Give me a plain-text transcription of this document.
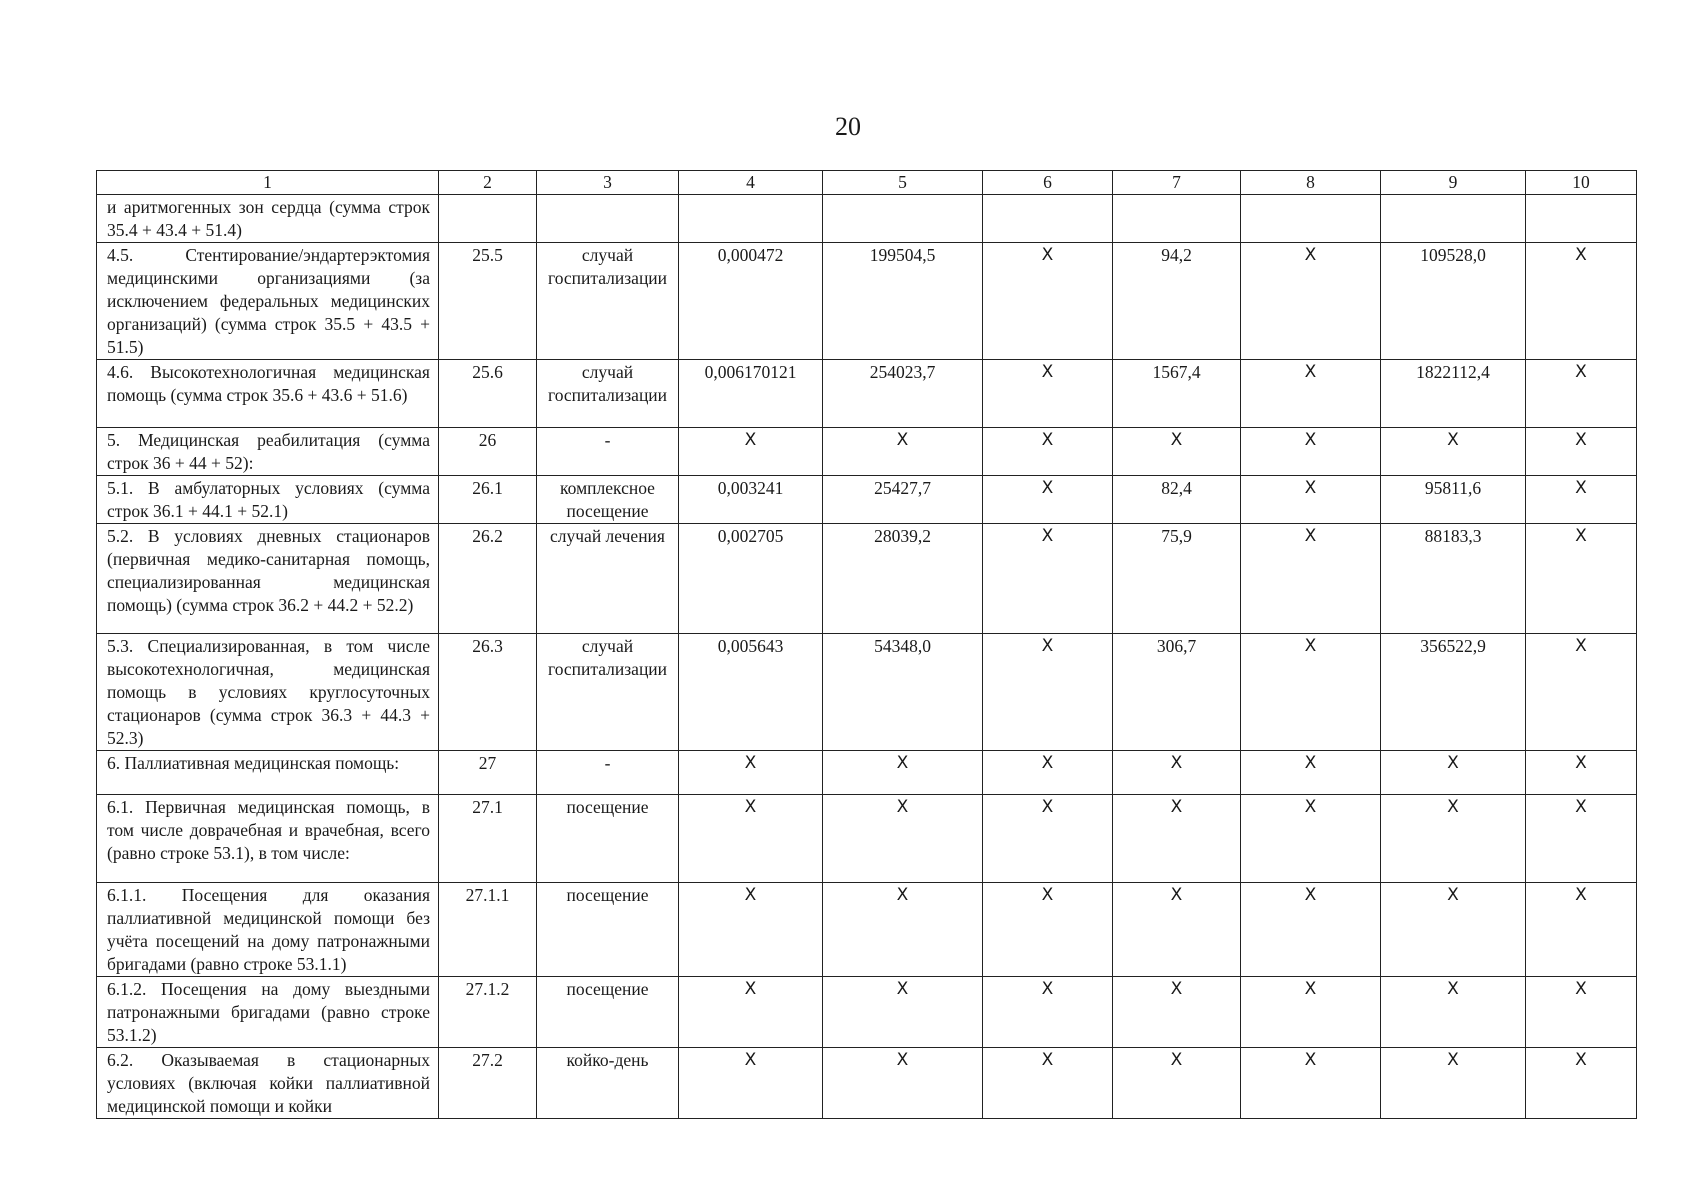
20
1	2	3	4	5	6	7	8	9	10
и аритмогенных зон сердца (сумма строк 35.4 + 43.4 + 51.4)									
4.5. Стентирование/эндартерэктомия медицинскими организациями (за исключением федеральных медицинских организаций) (сумма строк 35.5 + 43.5 + 51.5)	25.5	случай госпитализации	0,000472	199504,5	X	94,2	X	109528,0	X
4.6. Высокотехнологичная медицинская помощь (сумма строк 35.6 + 43.6 + 51.6)	25.6	случай госпитализации	0,006170121	254023,7	X	1567,4	X	1822112,4	X
5. Медицинская реабилитация (сумма строк 36 + 44 + 52):	26	-	X	X	X	X	X	X	X
5.1. В амбулаторных условиях (сумма строк 36.1 + 44.1 + 52.1)	26.1	комплексное посещение	0,003241	25427,7	X	82,4	X	95811,6	X
5.2. В условиях дневных стационаров (первичная медико-санитарная помощь, специализированная медицинская помощь) (сумма строк 36.2 + 44.2 + 52.2)	26.2	случай лечения	0,002705	28039,2	X	75,9	X	88183,3	X
5.3. Специализированная, в том числе высокотехнологичная, медицинская помощь в условиях круглосуточных стационаров (сумма строк 36.3 + 44.3 + 52.3)	26.3	случай госпитализации	0,005643	54348,0	X	306,7	X	356522,9	X
6. Паллиативная медицинская помощь:	27	-	X	X	X	X	X	X	X
6.1. Первичная медицинская помощь, в том числе доврачебная и врачебная, всего (равно строке 53.1), в том числе:	27.1	посещение	X	X	X	X	X	X	X
6.1.1. Посещения для оказания паллиативной медицинской помощи без учёта посещений на дому патронажными бригадами (равно строке 53.1.1)	27.1.1	посещение	X	X	X	X	X	X	X
6.1.2. Посещения на дому выездными патронажными бригадами (равно строке 53.1.2)	27.1.2	посещение	X	X	X	X	X	X	X
6.2. Оказываемая в стационарных условиях (включая койки паллиативной медицинской помощи и койки	27.2	койко-день	X	X	X	X	X	X	X
